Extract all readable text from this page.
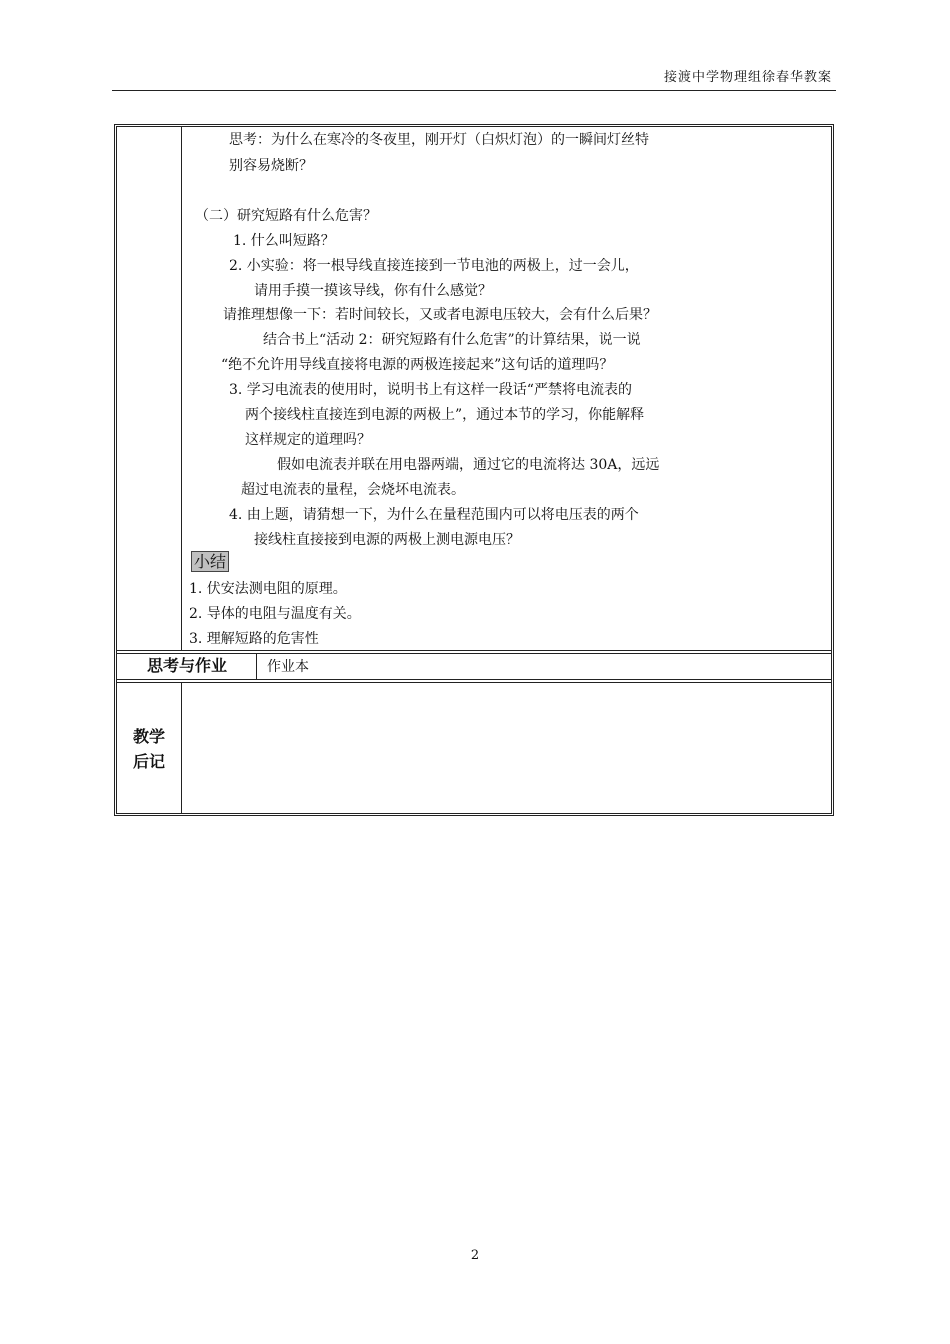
接渡中学物理组徐春华教案
思考：为什么在寒冷的冬夜里，刚开灯（白炽灯泡）的一瞬间灯丝特
别容易烧断？
（二）研究短路有什么危害？
1. 什么叫短路？
2. 小实验：将一根导线直接连接到一节电池的两极上，过一会儿，
请用手摸一摸该导线，你有什么感觉？
请推理想像一下：若时间较长，又或者电源电压较大，会有什么后果？
结合书上“活动 2：研究短路有什么危害”的计算结果，说一说
“绝不允许用导线直接将电源的两极连接起来”这句话的道理吗？
3. 学习电流表的使用时，说明书上有这样一段话“严禁将电流表的
两个接线柱直接连到电源的两极上”，通过本节的学习，你能解释
这样规定的道理吗？
假如电流表并联在用电器两端，通过它的电流将达 30A，远远
超过电流表的量程，会烧坏电流表。
4. 由上题，请猜想一下，为什么在量程范围内可以将电压表的两个
接线柱直接接到电源的两极上测电源电压？
小结
1. 伏安法测电阻的原理。
2. 导体的电阻与温度有关。
3. 理解短路的危害性
思考与作业	作业本
教学
后记
2
